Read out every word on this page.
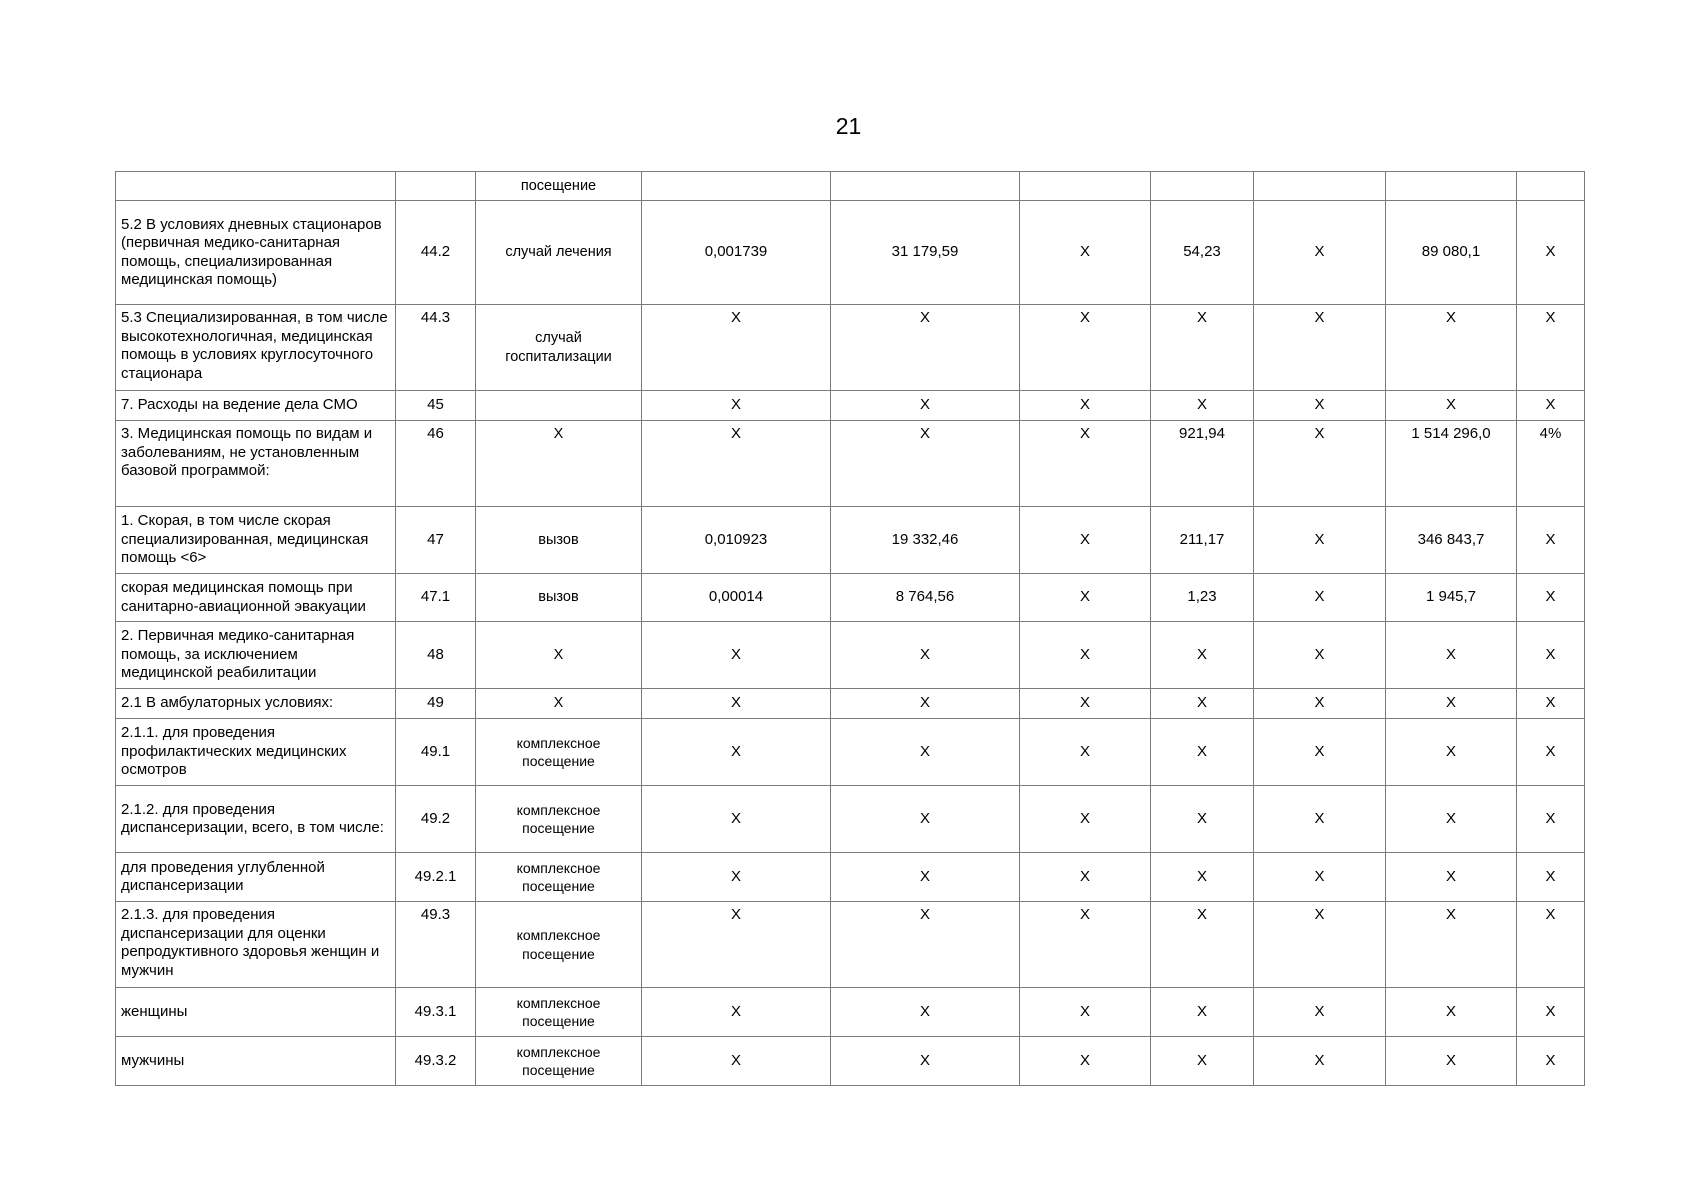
21
		посещение							
5.2 В условиях дневных стационаров (первичная медико-санитарная помощь, специализированная медицинская помощь)	44.2	случай лечения	0,001739	31 179,59	X	54,23	X	89 080,1	X
5.3 Специализированная, в том числе высокотехнологичная, медицинская помощь в условиях круглосуточного стационара	44.3	случай госпитализации	X	X	X	X	X	X	X
7. Расходы на ведение дела СМО	45		X	X	X	X	X	X	X
3. Медицинская помощь по видам и заболеваниям, не установленным базовой программой:	46	X	X	X	X	921,94	X	1 514 296,0	4%
1. Скорая, в том числе скорая специализированная, медицинская помощь <6>	47	вызов	0,010923	19 332,46	X	211,17	X	346 843,7	X
скорая медицинская помощь при санитарно-авиационной эвакуации	47.1	вызов	0,00014	8 764,56	X	1,23	X	1 945,7	X
2. Первичная медико-санитарная помощь, за исключением медицинской реабилитации	48	X	X	X	X	X	X	X	X
2.1 В амбулаторных условиях:	49	X	X	X	X	X	X	X	X
2.1.1. для проведения профилактических медицинских осмотров	49.1	комплексное посещение	X	X	X	X	X	X	X
2.1.2. для проведения диспансеризации, всего, в том числе:	49.2	комплексное посещение	X	X	X	X	X	X	X
для проведения углубленной диспансеризации	49.2.1	комплексное посещение	X	X	X	X	X	X	X
2.1.3. для проведения диспансеризации для оценки репродуктивного здоровья женщин и мужчин	49.3	комплексное посещение	X	X	X	X	X	X	X
женщины	49.3.1	комплексное посещение	X	X	X	X	X	X	X
мужчины	49.3.2	комплексное посещение	X	X	X	X	X	X	X
